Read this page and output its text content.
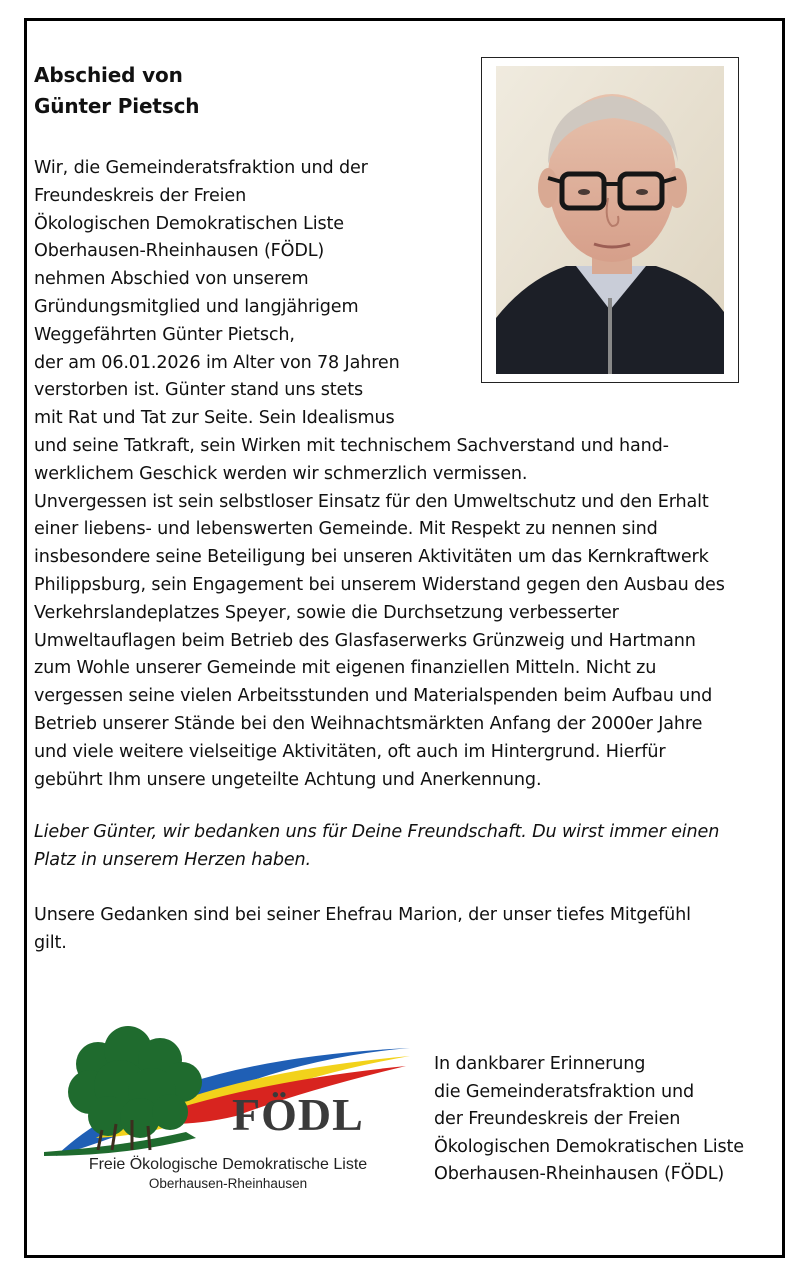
Abschied von
Günter Pietsch
Wir, die Gemeinderatsfraktion und der
Freundeskreis der Freien
Ökologischen Demokratischen Liste
Oberhausen-Rheinhausen (FÖDL)
nehmen Abschied von unserem
Gründungsmitglied und langjährigem
Weggefährten Günter Pietsch,
der am 06.01.2026 im Alter von 78 Jahren
verstorben ist. Günter stand uns stets
mit Rat und Tat zur Seite. Sein Idealismus
und seine Tatkraft, sein Wirken mit technischem Sachverstand und hand-
werklichem Geschick werden wir schmerzlich vermissen.
Unvergessen ist sein selbstloser Einsatz für den Umweltschutz und den Erhalt
einer liebens- und lebenswerten Gemeinde. Mit Respekt zu nennen sind
insbesondere seine Beteiligung bei unseren Aktivitäten um das Kernkraftwerk
Philippsburg, sein Engagement bei unserem Widerstand gegen den Ausbau des
Verkehrslandeplatzes Speyer, sowie die Durchsetzung verbesserter
Umweltauflagen beim Betrieb des Glasfaserwerks Grünzweig und Hartmann
zum Wohle unserer Gemeinde mit eigenen finanziellen Mitteln. Nicht zu
vergessen seine vielen Arbeitsstunden und Materialspenden beim Aufbau und
Betrieb unserer Stände bei den Weihnachtsmärkten Anfang der 2000er Jahre
und viele weitere vielseitige Aktivitäten, oft auch im Hintergrund. Hierfür
gebührt Ihm unsere ungeteilte Achtung und Anerkennung.
Lieber Günter, wir bedanken uns für Deine Freundschaft. Du wirst immer einen
Platz in unserem Herzen haben.
Unsere Gedanken sind bei seiner Ehefrau Marion, der unser tiefes Mitgefühl
gilt.
FÖDL
Freie Ökologische Demokratische Liste
Oberhausen-Rheinhausen
In dankbarer Erinnerung
die Gemeinderatsfraktion und
der Freundeskreis der Freien
Ökologischen Demokratischen Liste
Oberhausen-Rheinhausen (FÖDL)
